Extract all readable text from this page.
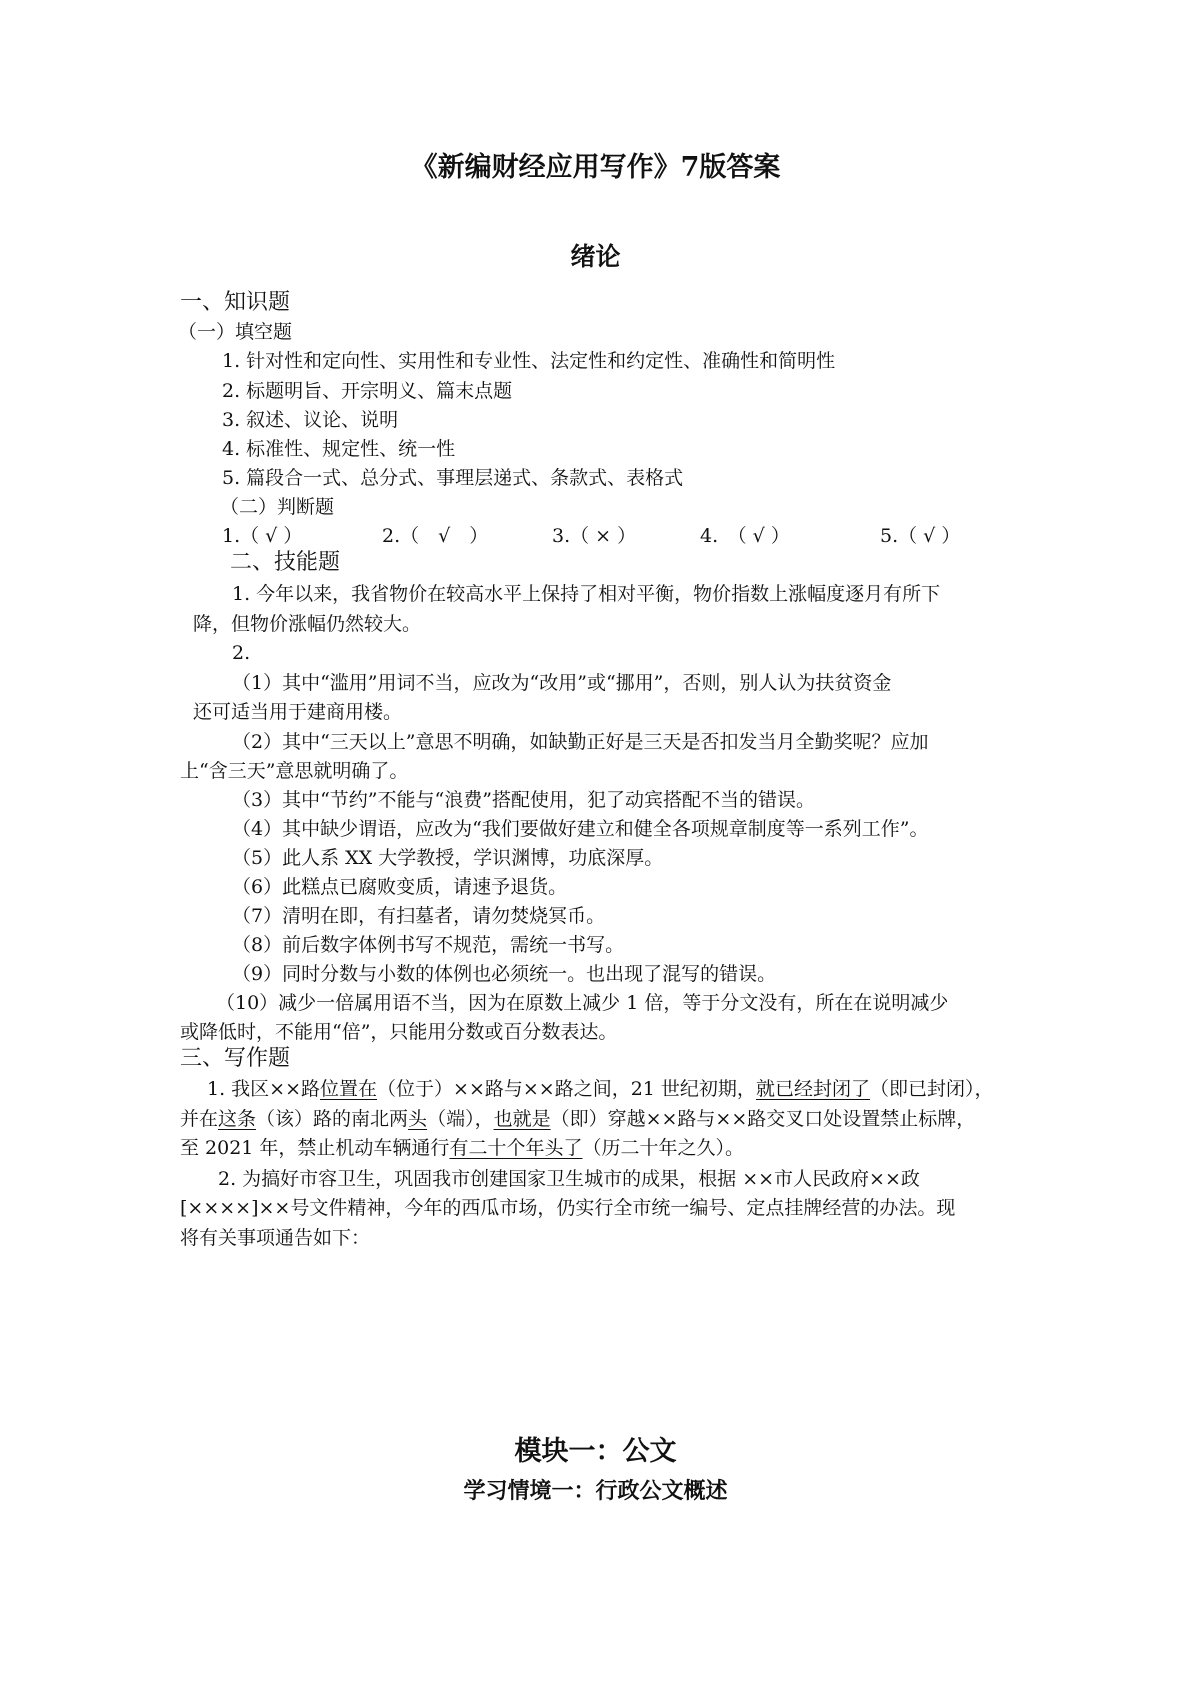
《新编财经应用写作》7版答案
绪论
一、知识题
（一）填空题
1. 针对性和定向性、实用性和专业性、法定性和约定性、准确性和简明性
2. 标题明旨、开宗明义、篇末点题
3. 叙述、议论、说明
4. 标准性、规定性、统一性
5. 篇段合一式、总分式、事理层递式、条款式、表格式
（二）判断题
1.（ √ ）	2.（　√　）	3.（ × ）	4.　（ √ ）	5.（ √ ）
二、技能题
1. 今年以来，我省物价在较高水平上保持了相对平衡，物价指数上涨幅度逐月有所下
降，但物价涨幅仍然较大。
2.
（1）其中“滥用”用词不当，应改为“改用”或“挪用”，否则，别人认为扶贫资金
还可适当用于建商用楼。
（2）其中“三天以上”意思不明确，如缺勤正好是三天是否扣发当月全勤奖呢？应加
上“含三天”意思就明确了。
（3）其中“节约”不能与“浪费”搭配使用，犯了动宾搭配不当的错误。
（4）其中缺少谓语，应改为“我们要做好建立和健全各项规章制度等一系列工作”。
（5）此人系 XX 大学教授，学识渊博，功底深厚。
（6）此糕点已腐败变质，请速予退货。
（7）清明在即，有扫墓者，请勿焚烧冥币。
（8）前后数字体例书写不规范，需统一书写。
（9）同时分数与小数的体例也必须统一。也出现了混写的错误。
（10）减少一倍属用语不当，因为在原数上减少 1 倍，等于分文没有，所在在说明减少
或降低时，不能用“倍”，只能用分数或百分数表达。
三、写作题
1. 我区××路位置在（位于）××路与××路之间，21 世纪初期，就已经封闭了（即已封闭），
并在这条（该）路的南北两头（端），也就是（即）穿越××路与××路交叉口处设置禁止标牌，
至 2021 年，禁止机动车辆通行有二十个年头了（历二十年之久）。
2. 为搞好市容卫生，巩固我市创建国家卫生城市的成果，根据 ××市人民政府××政
[××××]××号文件精神，今年的西瓜市场，仍实行全市统一编号、定点挂牌经营的办法。现
将有关事项通告如下：
模块一：公文
学习情境一：行政公文概述
